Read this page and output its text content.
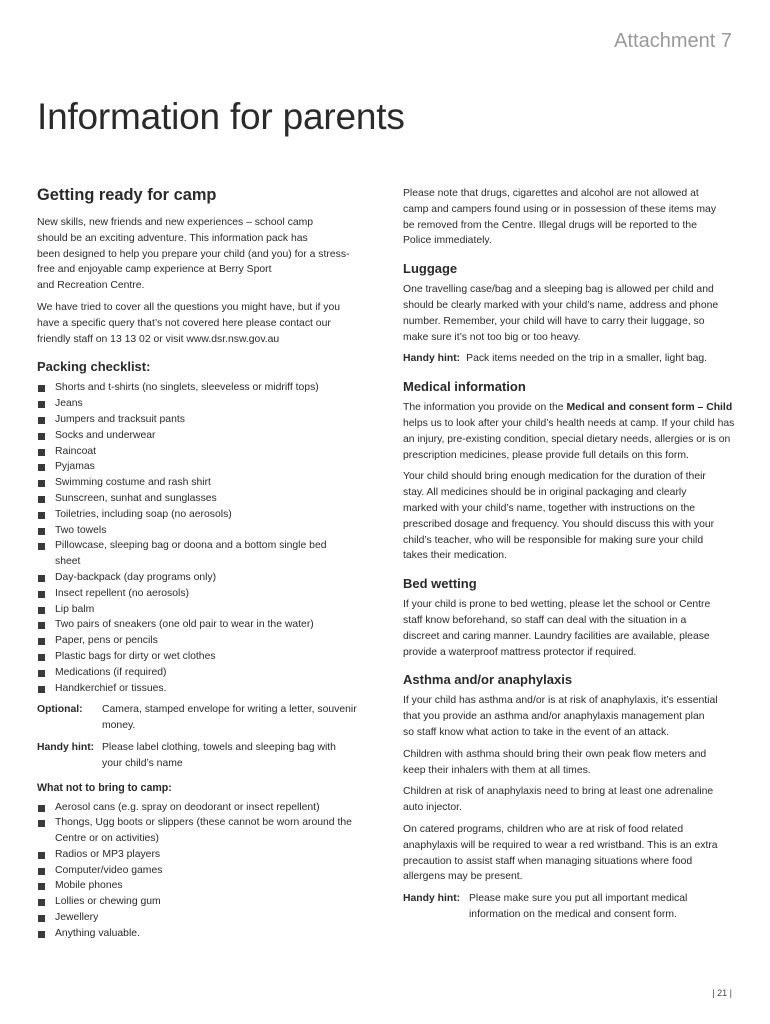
Attachment 7
Information for parents
Getting ready for camp

New skills, new friends and new experiences – school camp
should be an exciting adventure. This information pack has
been designed to help you prepare your child (and you) for a stress-
free and enjoyable camp experience at Berry Sport
and Recreation Centre.

We have tried to cover all the questions you might have, but if you
have a specific query that’s not covered here please contact our
friendly staff on 13 13 02 or visit www.dsr.nsw.gov.au

Packing checklist:
Shorts and t-shirts (no singlets, sleeveless or midriff tops)
Jeans
Jumpers and tracksuit pants
Socks and underwear
Raincoat
Pyjamas
Swimming costume and rash shirt
Sunscreen, sunhat and sunglasses
Toiletries, including soap (no aerosols)
Two towels
Pillowcase, sleeping bag or doona and a bottom single bed sheet
Day-backpack (day programs only)
Insect repellent (no aerosols)
Lip balm
Two pairs of sneakers (one old pair to wear in the water)
Paper, pens or pencils
Plastic bags for dirty or wet clothes
Medications (if required)
Handkerchief or tissues.
Optional:	Camera, stamped envelope for writing a letter, souvenir money.
Handy hint: Please label clothing, towels and sleeping bag with your child’s name
What not to bring to camp:
Aerosol cans (e.g. spray on deodorant or insect repellent)
Thongs, Ugg boots or slippers (these cannot be worn around the Centre or on activities)
Radios or MP3 players
Computer/video games
Mobile phones
Lollies or chewing gum
Jewellery
Anything valuable.

Please note that drugs, cigarettes and alcohol are not allowed at
camp and campers found using or in possession of these items may
be removed from the Centre. Illegal drugs will be reported to the
Police immediately.

Luggage

One travelling case/bag and a sleeping bag is allowed per child and
should be clearly marked with your child’s name, address and phone
number. Remember, your child will have to carry their luggage, so
make sure it’s not too big or too heavy.

Handy hint: Pack items needed on the trip in a smaller, light bag.
Medical information

The information you provide on the Medical and consent form – Child helps us to look after your child’s health needs at camp. If your child has an injury, pre-existing condition, special dietary needs, allergies or is on prescription medicines, please provide full details on this form.

Your child should bring enough medication for the duration of their
stay. All medicines should be in original packaging and clearly
marked with your child’s name, together with instructions on the
prescribed dosage and frequency. You should discuss this with your
child’s teacher, who will be responsible for making sure your child
takes their medication.

Bed wetting

If your child is prone to bed wetting, please let the school or Centre
staff know beforehand, so staff can deal with the situation in a
discreet and caring manner. Laundry facilities are available, please
provide a waterproof mattress protector if required.

Asthma and/or anaphylaxis

If your child has asthma and/or is at risk of anaphylaxis, it’s essential
that you provide an asthma and/or anaphylaxis management plan
so staff know what action to take in the event of an attack.

Children with asthma should bring their own peak flow meters and
keep their inhalers with them at all times.

Children at risk of anaphylaxis need to bring at least one adrenaline
auto injector.

On catered programs, children who are at risk of food related
anaphylaxis will be required to wear a red wristband. This is an extra
precaution to assist staff when managing situations where food
allergens may be present.

Handy hint: Please make sure you put all important medical information on the medical and consent form.
| 21 |
